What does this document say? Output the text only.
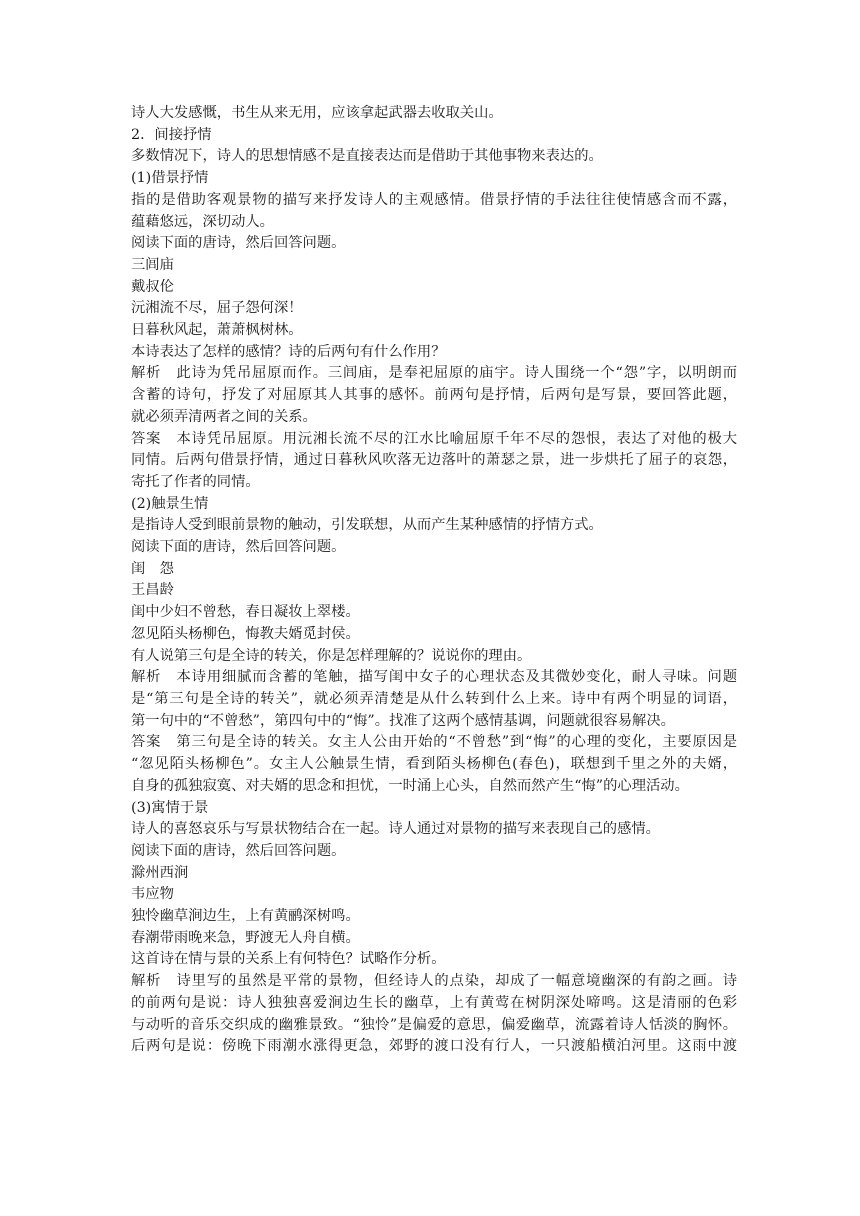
诗人大发感慨，书生从来无用，应该拿起武器去收取关山。
2．间接抒情
多数情况下，诗人的思想情感不是直接表达而是借助于其他事物来表达的。
(1)借景抒情
指的是借助客观景物的描写来抒发诗人的主观感情。借景抒情的手法往往使情感含而不露，
蕴藉悠远，深切动人。
阅读下面的唐诗，然后回答问题。
三闾庙
戴叔伦
沅湘流不尽，屈子怨何深！
日暮秋风起，萧萧枫树林。
本诗表达了怎样的感情？诗的后两句有什么作用？
解析　此诗为凭吊屈原而作。三闾庙，是奉祀屈原的庙宇。诗人围绕一个“怨”字，以明朗而
含蓄的诗句，抒发了对屈原其人其事的感怀。前两句是抒情，后两句是写景，要回答此题，
就必须弄清两者之间的关系。
答案　本诗凭吊屈原。用沅湘长流不尽的江水比喻屈原千年不尽的怨恨，表达了对他的极大
同情。后两句借景抒情，通过日暮秋风吹落无边落叶的萧瑟之景，进一步烘托了屈子的哀怨，
寄托了作者的同情。
(2)触景生情
是指诗人受到眼前景物的触动，引发联想，从而产生某种感情的抒情方式。
阅读下面的唐诗，然后回答问题。
闺　怨
王昌龄
闺中少妇不曾愁，春日凝妆上翠楼。
忽见陌头杨柳色，悔教夫婿觅封侯。
有人说第三句是全诗的转关，你是怎样理解的？说说你的理由。
解析　本诗用细腻而含蓄的笔触，描写闺中女子的心理状态及其微妙变化，耐人寻味。问题
是“第三句是全诗的转关”，就必须弄清楚是从什么转到什么上来。诗中有两个明显的词语，
第一句中的“不曾愁”，第四句中的“悔”。找准了这两个感情基调，问题就很容易解决。
答案　第三句是全诗的转关。女主人公由开始的“不曾愁”到“悔”的心理的变化，主要原因是
“忽见陌头杨柳色”。女主人公触景生情，看到陌头杨柳色(春色)，联想到千里之外的夫婿，
自身的孤独寂寞、对夫婿的思念和担忧，一时涌上心头，自然而然产生“悔”的心理活动。
(3)寓情于景
诗人的喜怒哀乐与写景状物结合在一起。诗人通过对景物的描写来表现自己的感情。
阅读下面的唐诗，然后回答问题。
滁州西涧
韦应物
独怜幽草涧边生，上有黄鹂深树鸣。
春潮带雨晚来急，野渡无人舟自横。
这首诗在情与景的关系上有何特色？试略作分析。
解析　诗里写的虽然是平常的景物，但经诗人的点染，却成了一幅意境幽深的有韵之画。诗
的前两句是说：诗人独独喜爱涧边生长的幽草，上有黄莺在树阴深处啼鸣。这是清丽的色彩
与动听的音乐交织成的幽雅景致。“独怜”是偏爱的意思，偏爱幽草，流露着诗人恬淡的胸怀。
后两句是说：傍晚下雨潮水涨得更急，郊野的渡口没有行人，一只渡船横泊河里。这雨中渡
